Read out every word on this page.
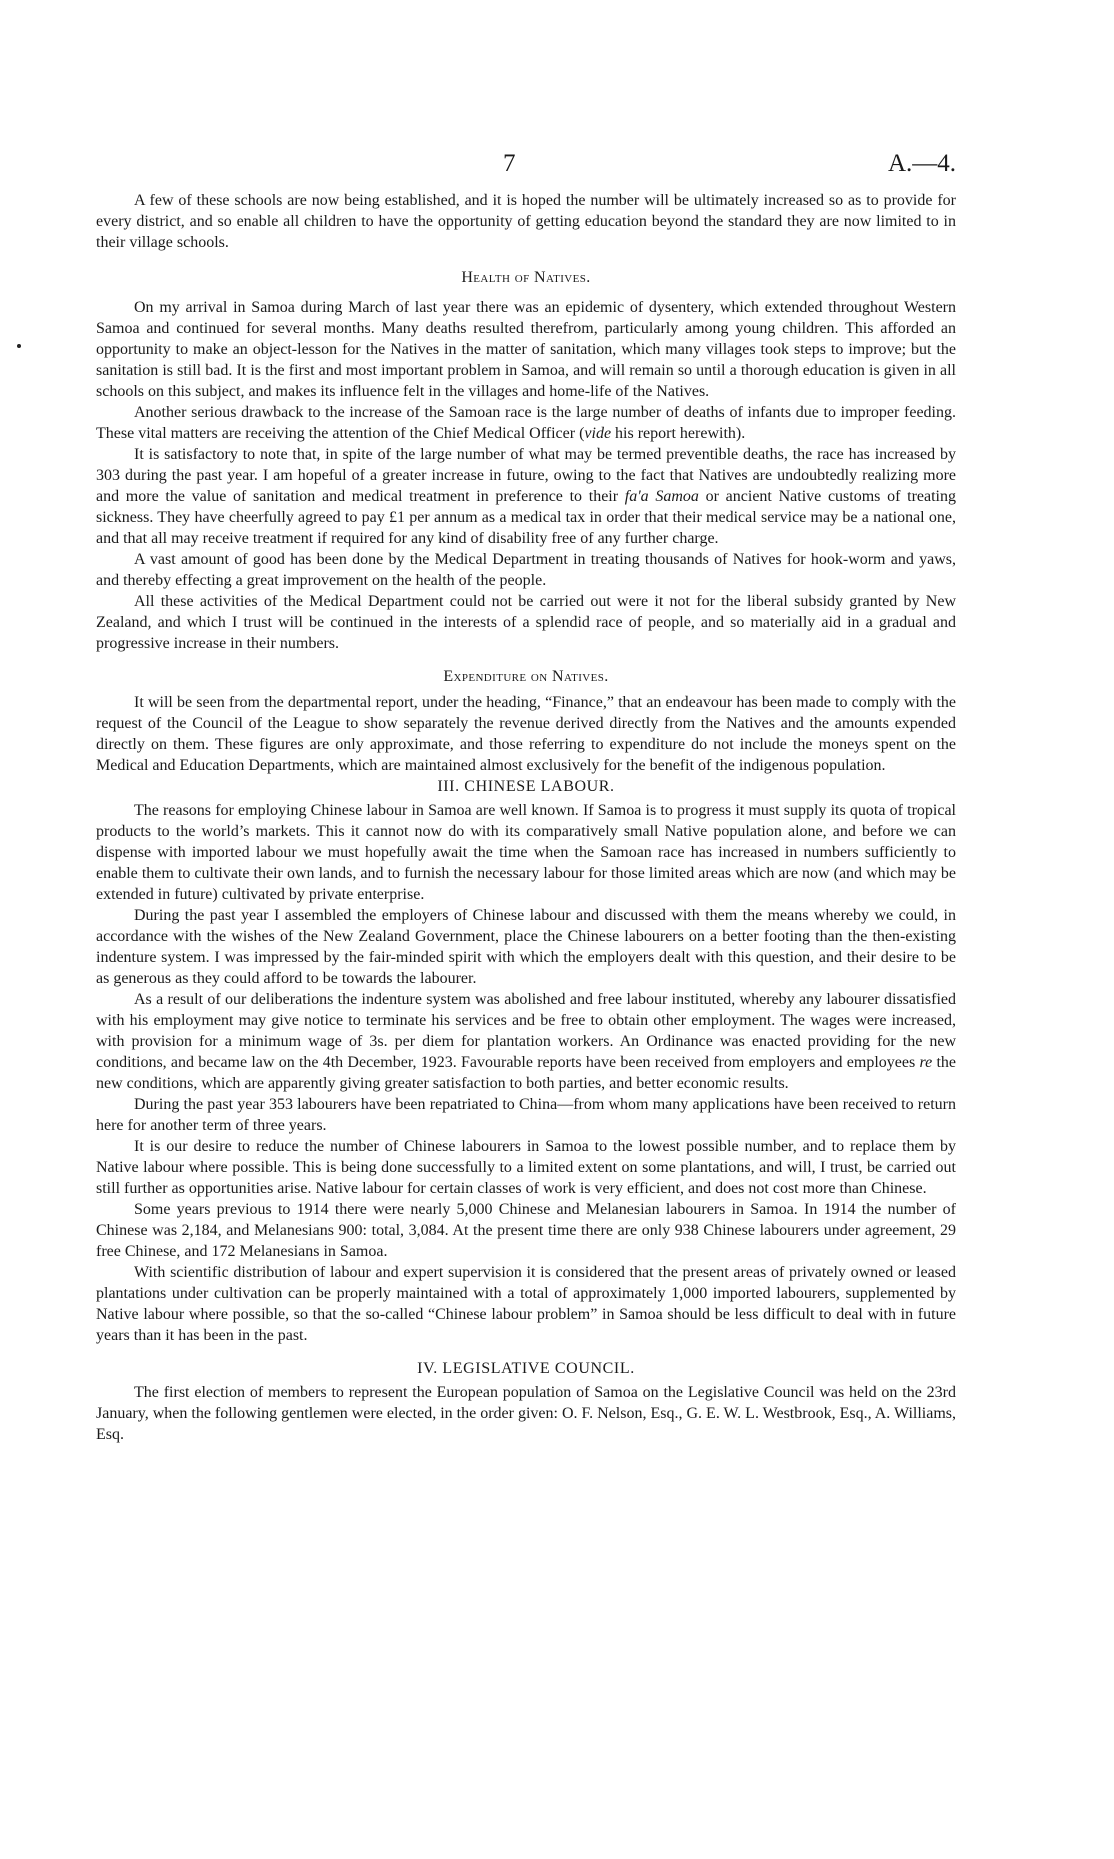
7	A.—4.

A few of these schools are now being established, and it is hoped the number will be ultimately increased so as to provide for every district, and so enable all children to have the opportunity of getting education beyond the standard they are now limited to in their village schools.

Health of Natives.

On my arrival in Samoa during March of last year there was an epidemic of dysentery, which extended throughout Western Samoa and continued for several months. Many deaths resulted therefrom, particularly among young children. This afforded an opportunity to make an object-lesson for the Natives in the matter of sanitation, which many villages took steps to improve; but the sanitation is still bad. It is the first and most important problem in Samoa, and will remain so until a thorough education is given in all schools on this subject, and makes its influence felt in the villages and home-life of the Natives.

Another serious drawback to the increase of the Samoan race is the large number of deaths of infants due to improper feeding. These vital matters are receiving the attention of the Chief Medical Officer (vide his report herewith).

It is satisfactory to note that, in spite of the large number of what may be termed preventible deaths, the race has increased by 303 during the past year. I am hopeful of a greater increase in future, owing to the fact that Natives are undoubtedly realizing more and more the value of sanitation and medical treatment in preference to their fa'a Samoa or ancient Native customs of treating sickness. They have cheerfully agreed to pay £1 per annum as a medical tax in order that their medical service may be a national one, and that all may receive treatment if required for any kind of disability free of any further charge.

A vast amount of good has been done by the Medical Department in treating thousands of Natives for hook-worm and yaws, and thereby effecting a great improvement on the health of the people.

All these activities of the Medical Department could not be carried out were it not for the liberal subsidy granted by New Zealand, and which I trust will be continued in the interests of a splendid race of people, and so materially aid in a gradual and progressive increase in their numbers.

Expenditure on Natives.

It will be seen from the departmental report, under the heading, “Finance,” that an endeavour has been made to comply with the request of the Council of the League to show separately the revenue derived directly from the Natives and the amounts expended directly on them. These figures are only approximate, and those referring to expenditure do not include the moneys spent on the Medical and Education Departments, which are maintained almost exclusively for the benefit of the indigenous population.

III. CHINESE LABOUR.

The reasons for employing Chinese labour in Samoa are well known. If Samoa is to progress it must supply its quota of tropical products to the world’s markets. This it cannot now do with its comparatively small Native population alone, and before we can dispense with imported labour we must hopefully await the time when the Samoan race has increased in numbers sufficiently to enable them to cultivate their own lands, and to furnish the necessary labour for those limited areas which are now (and which may be extended in future) cultivated by private enterprise.

During the past year I assembled the employers of Chinese labour and discussed with them the means whereby we could, in accordance with the wishes of the New Zealand Government, place the Chinese labourers on a better footing than the then-existing indenture system. I was impressed by the fair-minded spirit with which the employers dealt with this question, and their desire to be as generous as they could afford to be towards the labourer.

As a result of our deliberations the indenture system was abolished and free labour instituted, whereby any labourer dissatisfied with his employment may give notice to terminate his services and be free to obtain other employment. The wages were increased, with provision for a minimum wage of 3s. per diem for plantation workers. An Ordinance was enacted providing for the new conditions, and became law on the 4th December, 1923. Favourable reports have been received from employers and employees re the new conditions, which are apparently giving greater satisfaction to both parties, and better economic results.

During the past year 353 labourers have been repatriated to China—from whom many applications have been received to return here for another term of three years.

It is our desire to reduce the number of Chinese labourers in Samoa to the lowest possible number, and to replace them by Native labour where possible. This is being done successfully to a limited extent on some plantations, and will, I trust, be carried out still further as opportunities arise. Native labour for certain classes of work is very efficient, and does not cost more than Chinese.

Some years previous to 1914 there were nearly 5,000 Chinese and Melanesian labourers in Samoa. In 1914 the number of Chinese was 2,184, and Melanesians 900: total, 3,084. At the present time there are only 938 Chinese labourers under agreement, 29 free Chinese, and 172 Melanesians in Samoa.

With scientific distribution of labour and expert supervision it is considered that the present areas of privately owned or leased plantations under cultivation can be properly maintained with a total of approximately 1,000 imported labourers, supplemented by Native labour where possible, so that the so-called “Chinese labour problem” in Samoa should be less difficult to deal with in future years than it has been in the past.

IV. LEGISLATIVE COUNCIL.

The first election of members to represent the European population of Samoa on the Legislative Council was held on the 23rd January, when the following gentlemen were elected, in the order given: O. F. Nelson, Esq., G. E. W. L. Westbrook, Esq., A. Williams, Esq.
